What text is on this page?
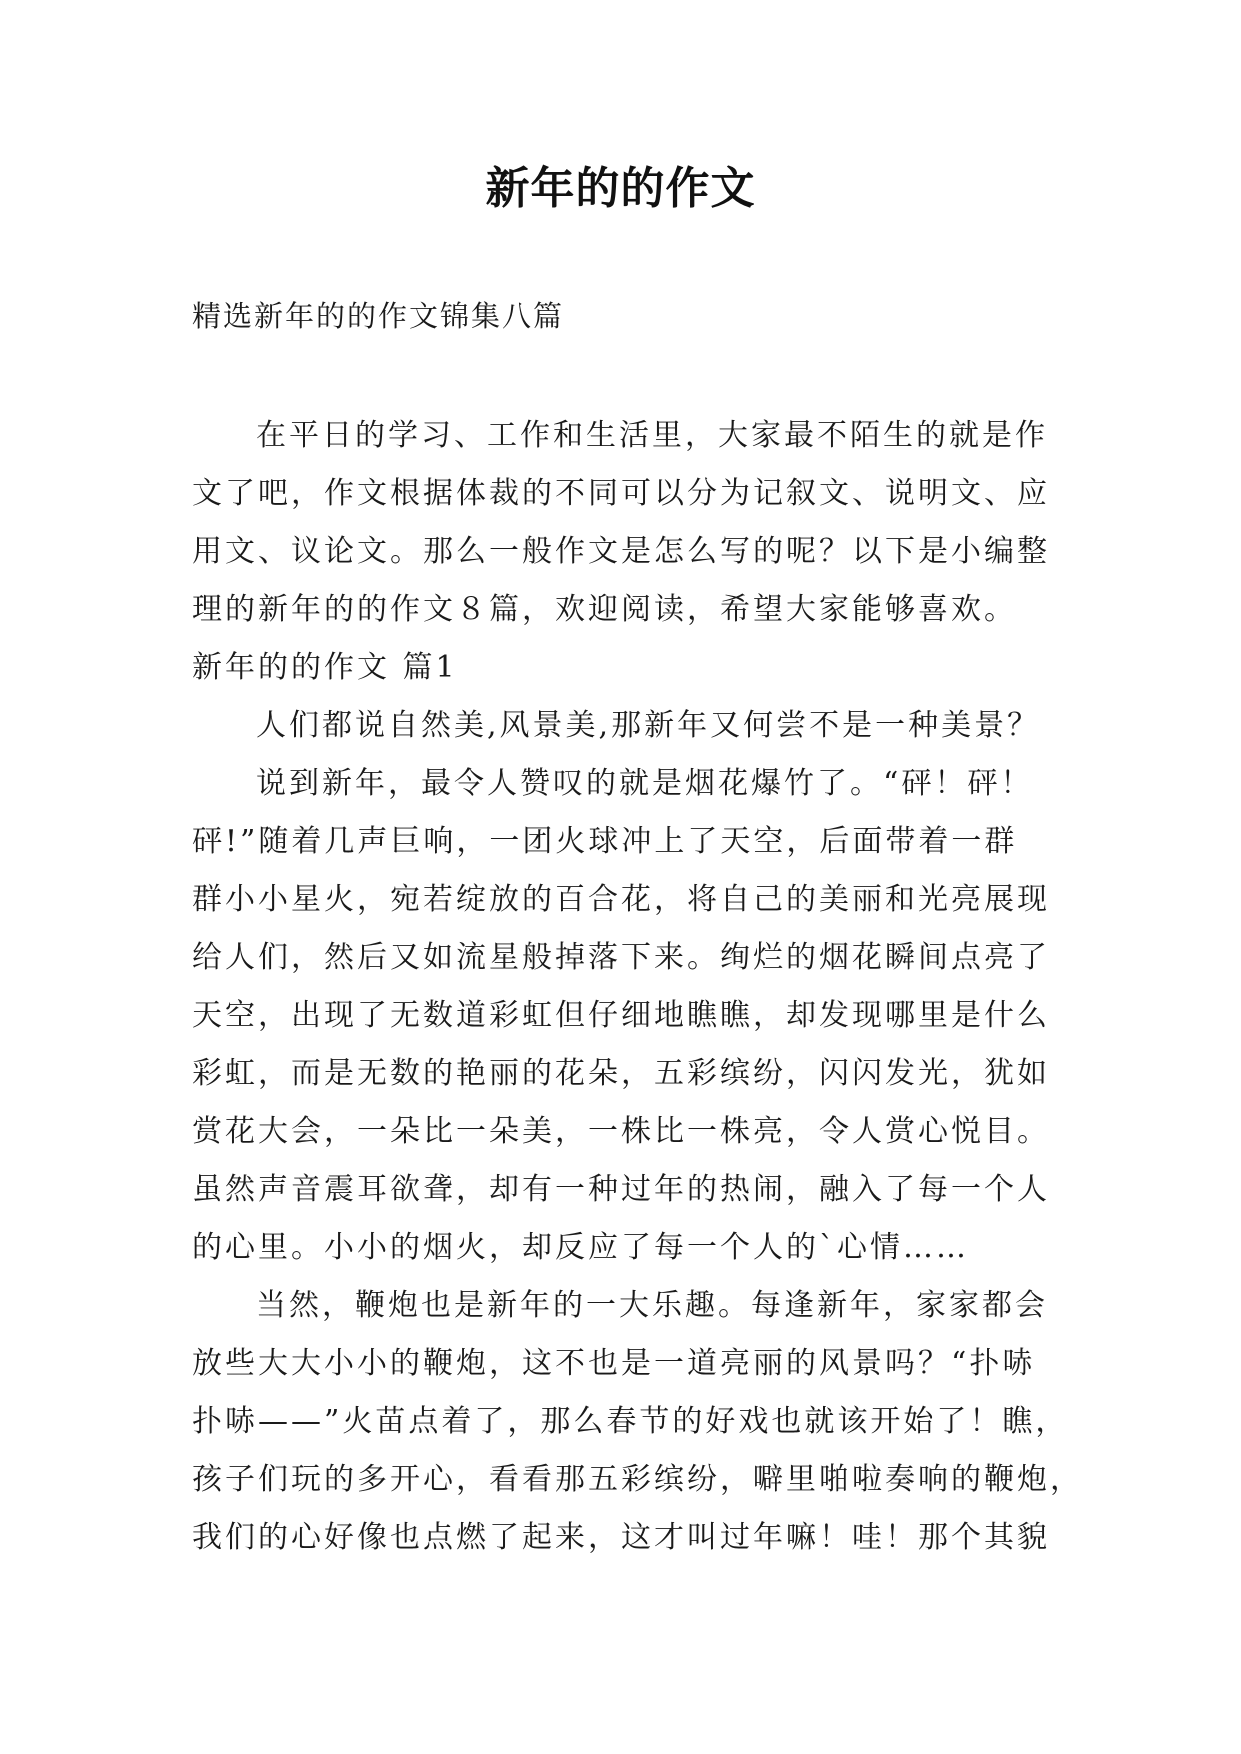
新年的的作文

精选新年的的作文锦集八篇

在平日的学习、工作和生活里，大家最不陌生的就是作
文了吧，作文根据体裁的不同可以分为记叙文、说明文、应
用文、议论文。那么一般作文是怎么写的呢？以下是小编整
理的新年的的作文８篇，欢迎阅读，希望大家能够喜欢。
新年的的作文 篇1
人们都说自然美,风景美,那新年又何尝不是一种美景？
说到新年，最令人赞叹的就是烟花爆竹了。“砰！砰！
砰!”随着几声巨响，一团火球冲上了天空，后面带着一群
群小小星火，宛若绽放的百合花，将自己的美丽和光亮展现
给人们，然后又如流星般掉落下来。绚烂的烟花瞬间点亮了
天空，出现了无数道彩虹但仔细地瞧瞧，却发现哪里是什么
彩虹，而是无数的艳丽的花朵，五彩缤纷，闪闪发光，犹如
赏花大会，一朵比一朵美，一株比一株亮，令人赏心悦目。
虽然声音震耳欲聋，却有一种过年的热闹，融入了每一个人
的心里。小小的烟火，却反应了每一个人的`心情……
当然，鞭炮也是新年的一大乐趣。每逢新年，家家都会
放些大大小小的鞭炮，这不也是一道亮丽的风景吗？“扑哧
扑哧——”火苗点着了，那么春节的好戏也就该开始了！瞧，
孩子们玩的多开心，看看那五彩缤纷，噼里啪啦奏响的鞭炮，
我们的心好像也点燃了起来，这才叫过年嘛！哇！那个其貌
